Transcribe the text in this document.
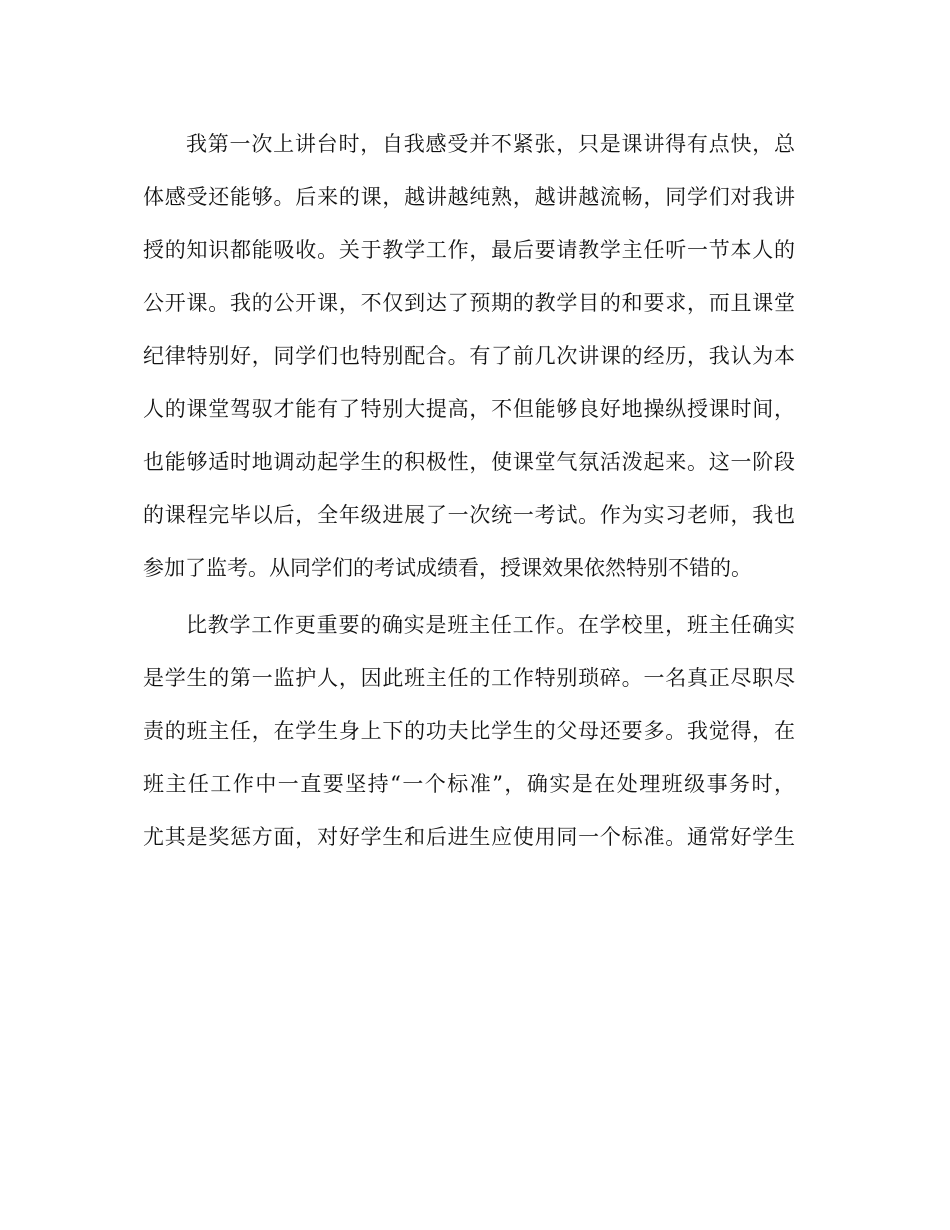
我第一次上讲台时，自我感受并不紧张，只是课讲得有点快，总
体感受还能够。后来的课，越讲越纯熟，越讲越流畅，同学们对我讲
授的知识都能吸收。关于教学工作，最后要请教学主任听一节本人的
公开课。我的公开课，不仅到达了预期的教学目的和要求，而且课堂
纪律特别好，同学们也特别配合。有了前几次讲课的经历，我认为本
人的课堂驾驭才能有了特别大提高，不但能够良好地操纵授课时间，
也能够适时地调动起学生的积极性，使课堂气氛活泼起来。这一阶段
的课程完毕以后，全年级进展了一次统一考试。作为实习老师，我也
参加了监考。从同学们的考试成绩看，授课效果依然特别不错的。
比教学工作更重要的确实是班主任工作。在学校里，班主任确实
是学生的第一监护人，因此班主任的工作特别琐碎。一名真正尽职尽
责的班主任，在学生身上下的功夫比学生的父母还要多。我觉得，在
班主任工作中一直要坚持“一个标准”，确实是在处理班级事务时，
尤其是奖惩方面，对好学生和后进生应使用同一个标准。通常好学生
